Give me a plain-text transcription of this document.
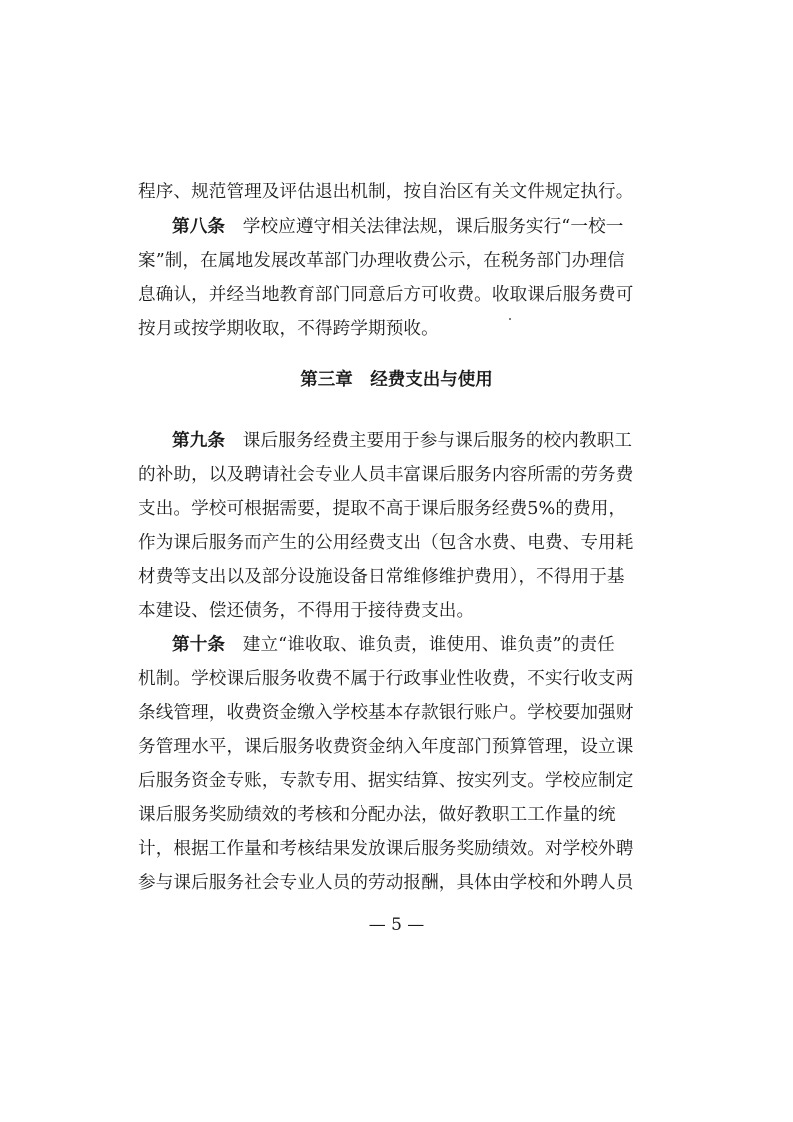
程序、规范管理及评估退出机制，按自治区有关文件规定执行。
第八条　 学校应遵守相关法律法规，课后服务实行“一校一
案”制，在属地发展改革部门办理收费公示，在税务部门办理信
息确认，并经当地教育部门同意后方可收费。收取课后服务费可
按月或按学期收取，不得跨学期预收。
第三章　经费支出与使用
第九条　 课后服务经费主要用于参与课后服务的校内教职工
的补助，以及聘请社会专业人员丰富课后服务内容所需的劳务费
支出。学校可根据需要，提取不高于课后服务经费5%的费用，
作为课后服务而产生的公用经费支出（包含水费、电费、专用耗
材费等支出以及部分设施设备日常维修维护费用），不得用于基
本建设、偿还债务，不得用于接待费支出。
第十条　 建立“谁收取、谁负责，谁使用、谁负责”的责任
机制。学校课后服务收费不属于行政事业性收费，不实行收支两
条线管理，收费资金缴入学校基本存款银行账户。学校要加强财
务管理水平，课后服务收费资金纳入年度部门预算管理，设立课
后服务资金专账，专款专用、据实结算、按实列支。学校应制定
课后服务奖励绩效的考核和分配办法，做好教职工工作量的统
计，根据工作量和考核结果发放课后服务奖励绩效。对学校外聘
参与课后服务社会专业人员的劳动报酬，具体由学校和外聘人员
— 5 —
